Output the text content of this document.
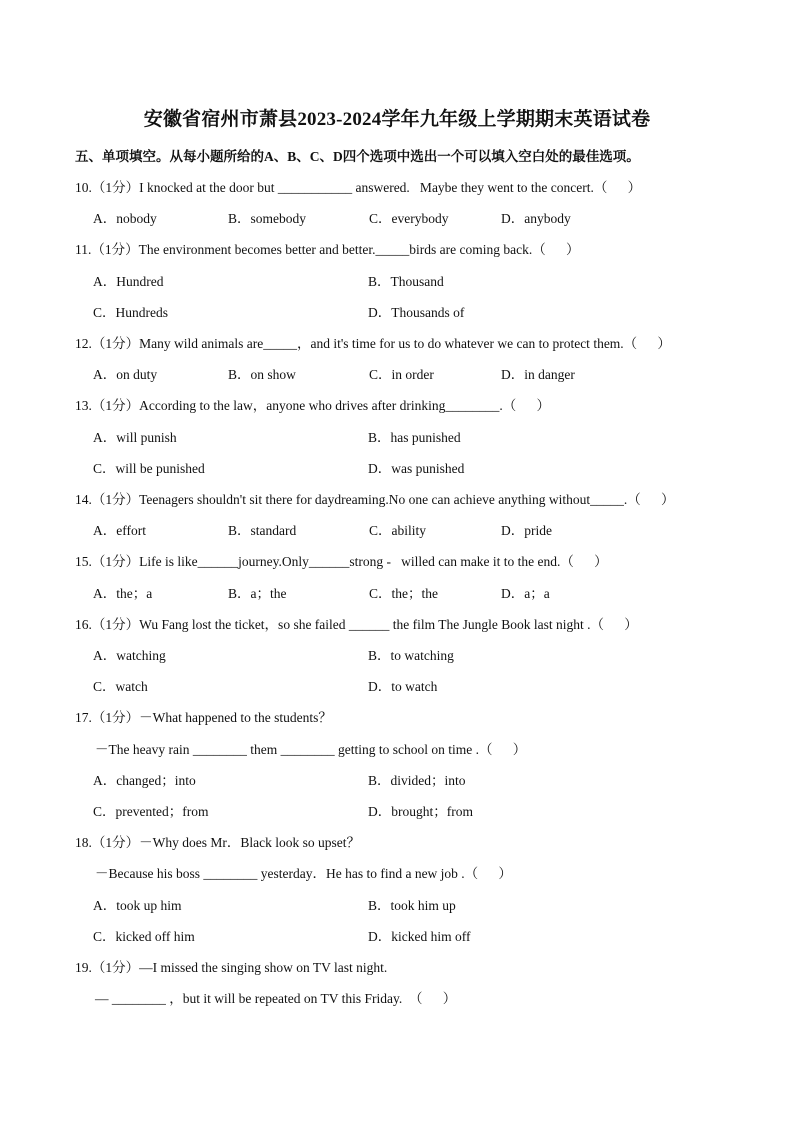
安徽省宿州市萧县2023-2024学年九年级上学期期末英语试卷
五、单项填空。从每小题所给的A、B、C、D四个选项中选出一个可以填入空白处的最佳选项。
10.（1分）I knocked at the door but ___________ answered.   Maybe they went to the concert.（      ）
A．nobody	B．somebody	C．everybody	D．anybody
11.（1分）The environment becomes better and better._____birds are coming back.（      ）
A．Hundred	B．Thousand
C．Hundreds	D．Thousands of
12.（1分）Many wild animals are_____，and it's time for us to do whatever we can to protect them.（      ）
A．on duty	B．on show	C．in order	D．in danger
13.（1分）According to the law，anyone who drives after drinking________.（      ）
A．will punish	B．has punished
C．will be punished	D．was punished
14.（1分）Teenagers shouldn't sit there for daydreaming.No one can achieve anything without_____.（      ）
A．effort	B．standard	C．ability	D．pride
15.（1分）Life is like______journey.Only______strong -   willed can make it to the end.（      ）
A．the；a	B．a；the	C．the；the	D．a；a
16.（1分）Wu Fang lost the ticket，so she failed ______ the film The Jungle Book last night .（      ）
A．watching	B．to watching
C．watch	D．to watch
17.（1分）－What happened to the students？
－The heavy rain ________ them ________ getting to school on time .（      ）
A．changed；into	B．divided；into
C．prevented；from	D．brought；from
18.（1分）－Why does Mr．Black look so upset？
－Because his boss ________ yesterday．He has to find a new job .（      ）
A．took up him	B．took him up
C．kicked off him	D．kicked him off
19.（1分）—I missed the singing show on TV last night.
— ________ ，but it will be repeated on TV this Friday.  （      ）
